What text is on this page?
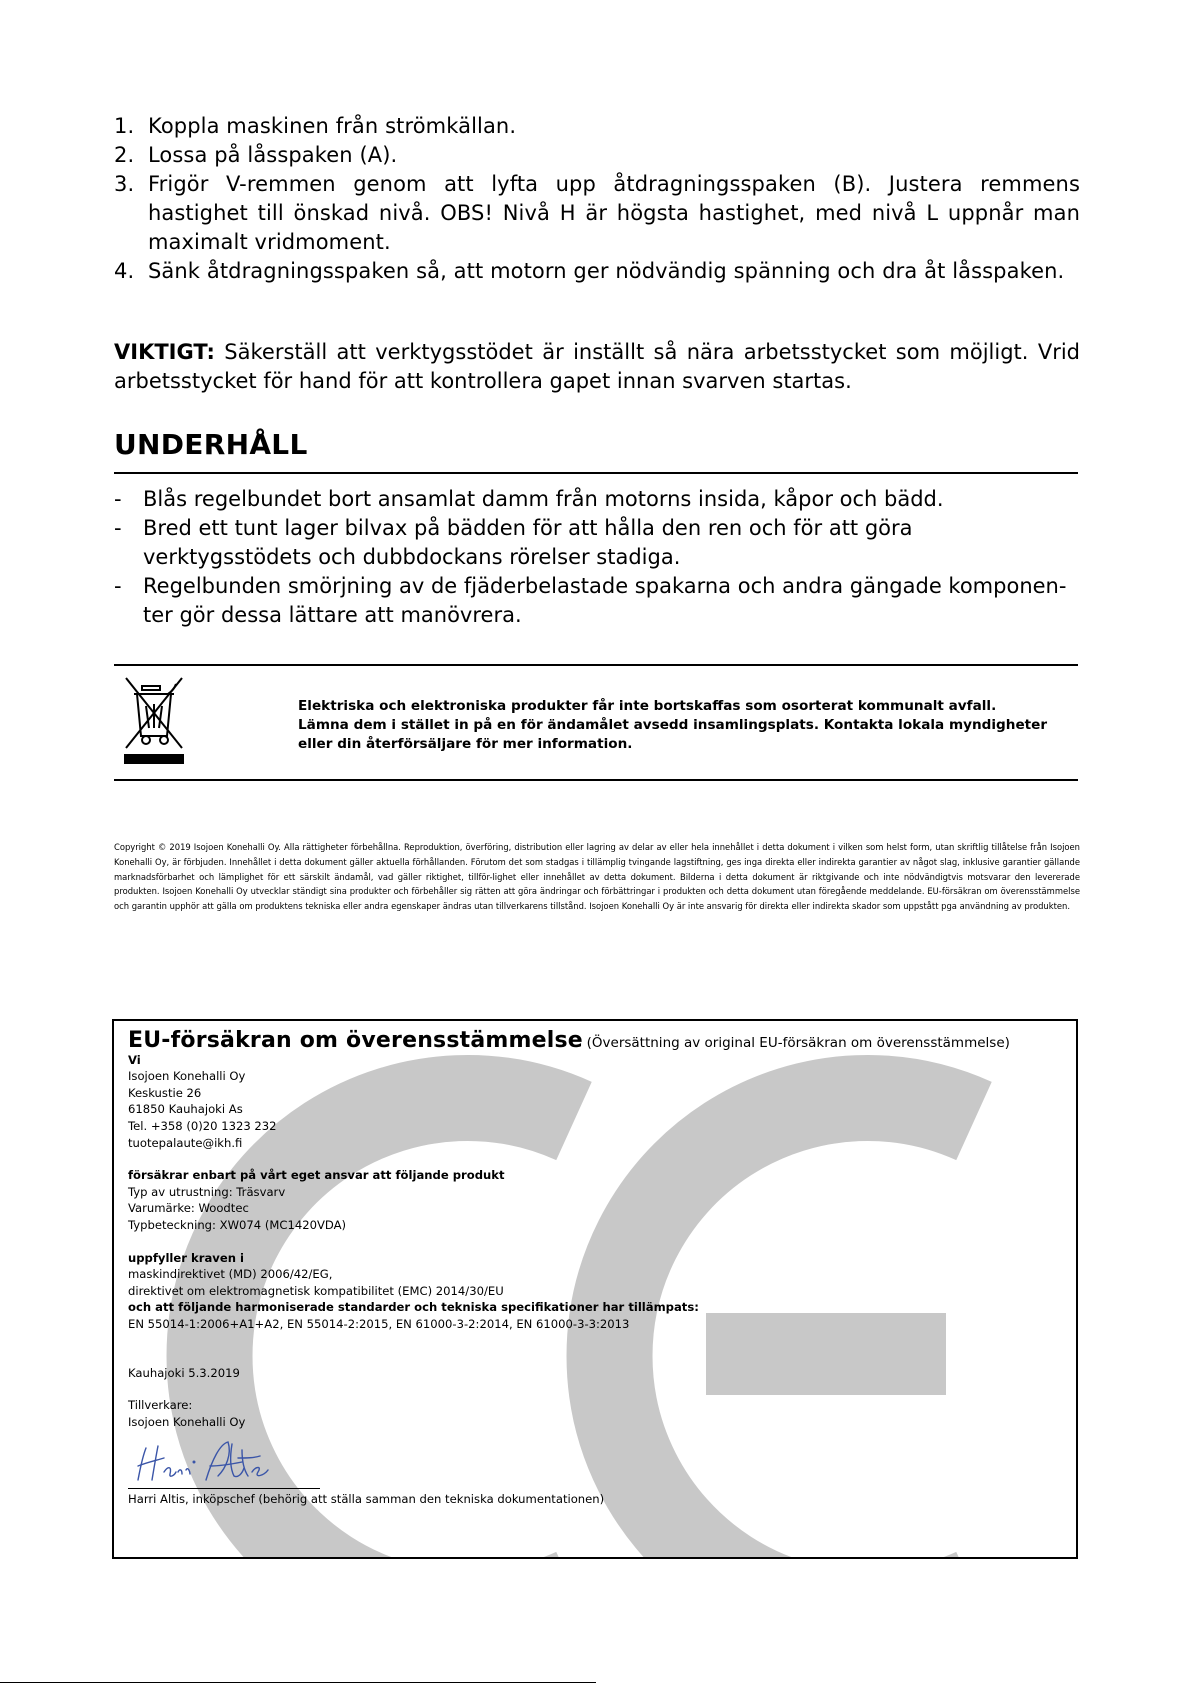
1. Koppla maskinen från strömkällan.
2. Lossa på låsspaken (A).
3. Frigör V-remmen genom att lyfta upp åtdragningsspaken (B). Justera remmens hastighet till önskad nivå. OBS! Nivå H är högsta hastighet, med nivå L uppnår man maximalt vridmoment.
4. Sänk åtdragningsspaken så, att motorn ger nödvändig spänning och dra åt låsspaken.

VIKTIGT: Säkerställ att verktygsstödet är inställt så nära arbetsstycket som möjligt. Vrid arbetsstycket för hand för att kontrollera gapet innan svarven startas.

UNDERHÅLL
- Blås regelbundet bort ansamlat damm från motorns insida, kåpor och bädd.
- Bred ett tunt lager bilvax på bädden för att hålla den ren och för att göra verktygsstödets och dubbdockans rörelser stadiga.
- Regelbunden smörjning av de fjäderbelastade spakarna och andra gängade komponen-ter gör dessa lättare att manövrera.

Elektriska och elektroniska produkter får inte bortskaffas som osorterat kommunalt avfall.
Lämna dem i stället in på en för ändamålet avsedd insamlingsplats. Kontakta lokala myndigheter
eller din återförsäljare för mer information.

Copyright © 2019 Isojoen Konehalli Oy. Alla rättigheter förbehållna. Reproduktion, överföring, distribution eller lagring av delar av eller hela innehållet i detta dokument i vilken som helst form, utan skriftlig tillåtelse från Isojoen Konehalli Oy, är förbjuden. Innehållet i detta dokument gäller aktuella förhållanden. Förutom det som stadgas i tillämplig tvingande lagstiftning, ges inga direkta eller indirekta garantier av något slag, inklusive garantier gällande marknadsförbarhet och lämplighet för ett särskilt ändamål, vad gäller riktighet, tillför-lighet eller innehållet av detta dokument. Bilderna i detta dokument är riktgivande och inte nödvändigtvis motsvarar den levererade produkten. Isojoen Konehalli Oy utvecklar ständigt sina produkter och förbehåller sig rätten att göra ändringar och förbättringar i produkten och detta dokument utan föregående meddelande. EU-försäkran om överensstämmelse och garantin upphör att gälla om produktens tekniska eller andra egenskaper ändras utan tillverkarens tillstånd. Isojoen Konehalli Oy är inte ansvarig för direkta eller indirekta skador som uppstått pga användning av produkten.

EU-försäkran om överensstämmelse (Översättning av original EU-försäkran om överensstämmelse)

Vi

Isojoen Konehalli Oy

Keskustie 26

61850 Kauhajoki As

Tel. +358 (0)20 1323 232

tuotepalaute@ikh.fi

försäkrar enbart på vårt eget ansvar att följande produkt

Typ av utrustning: Träsvarv

Varumärke: Woodtec

Typbeteckning: XW074 (MC1420VDA)

uppfyller kraven i

maskindirektivet (MD) 2006/42/EG,

direktivet om elektromagnetisk kompatibilitet (EMC) 2014/30/EU

och att följande harmoniserade standarder och tekniska specifikationer har tillämpats:

EN 55014-1:2006+A1+A2, EN 55014-2:2015, EN 61000-3-2:2014, EN 61000-3-3:2013

Kauhajoki 5.3.2019

Tillverkare:

Isojoen Konehalli Oy

Harri Altis, inköpschef (behörig att ställa samman den tekniska dokumentationen)
